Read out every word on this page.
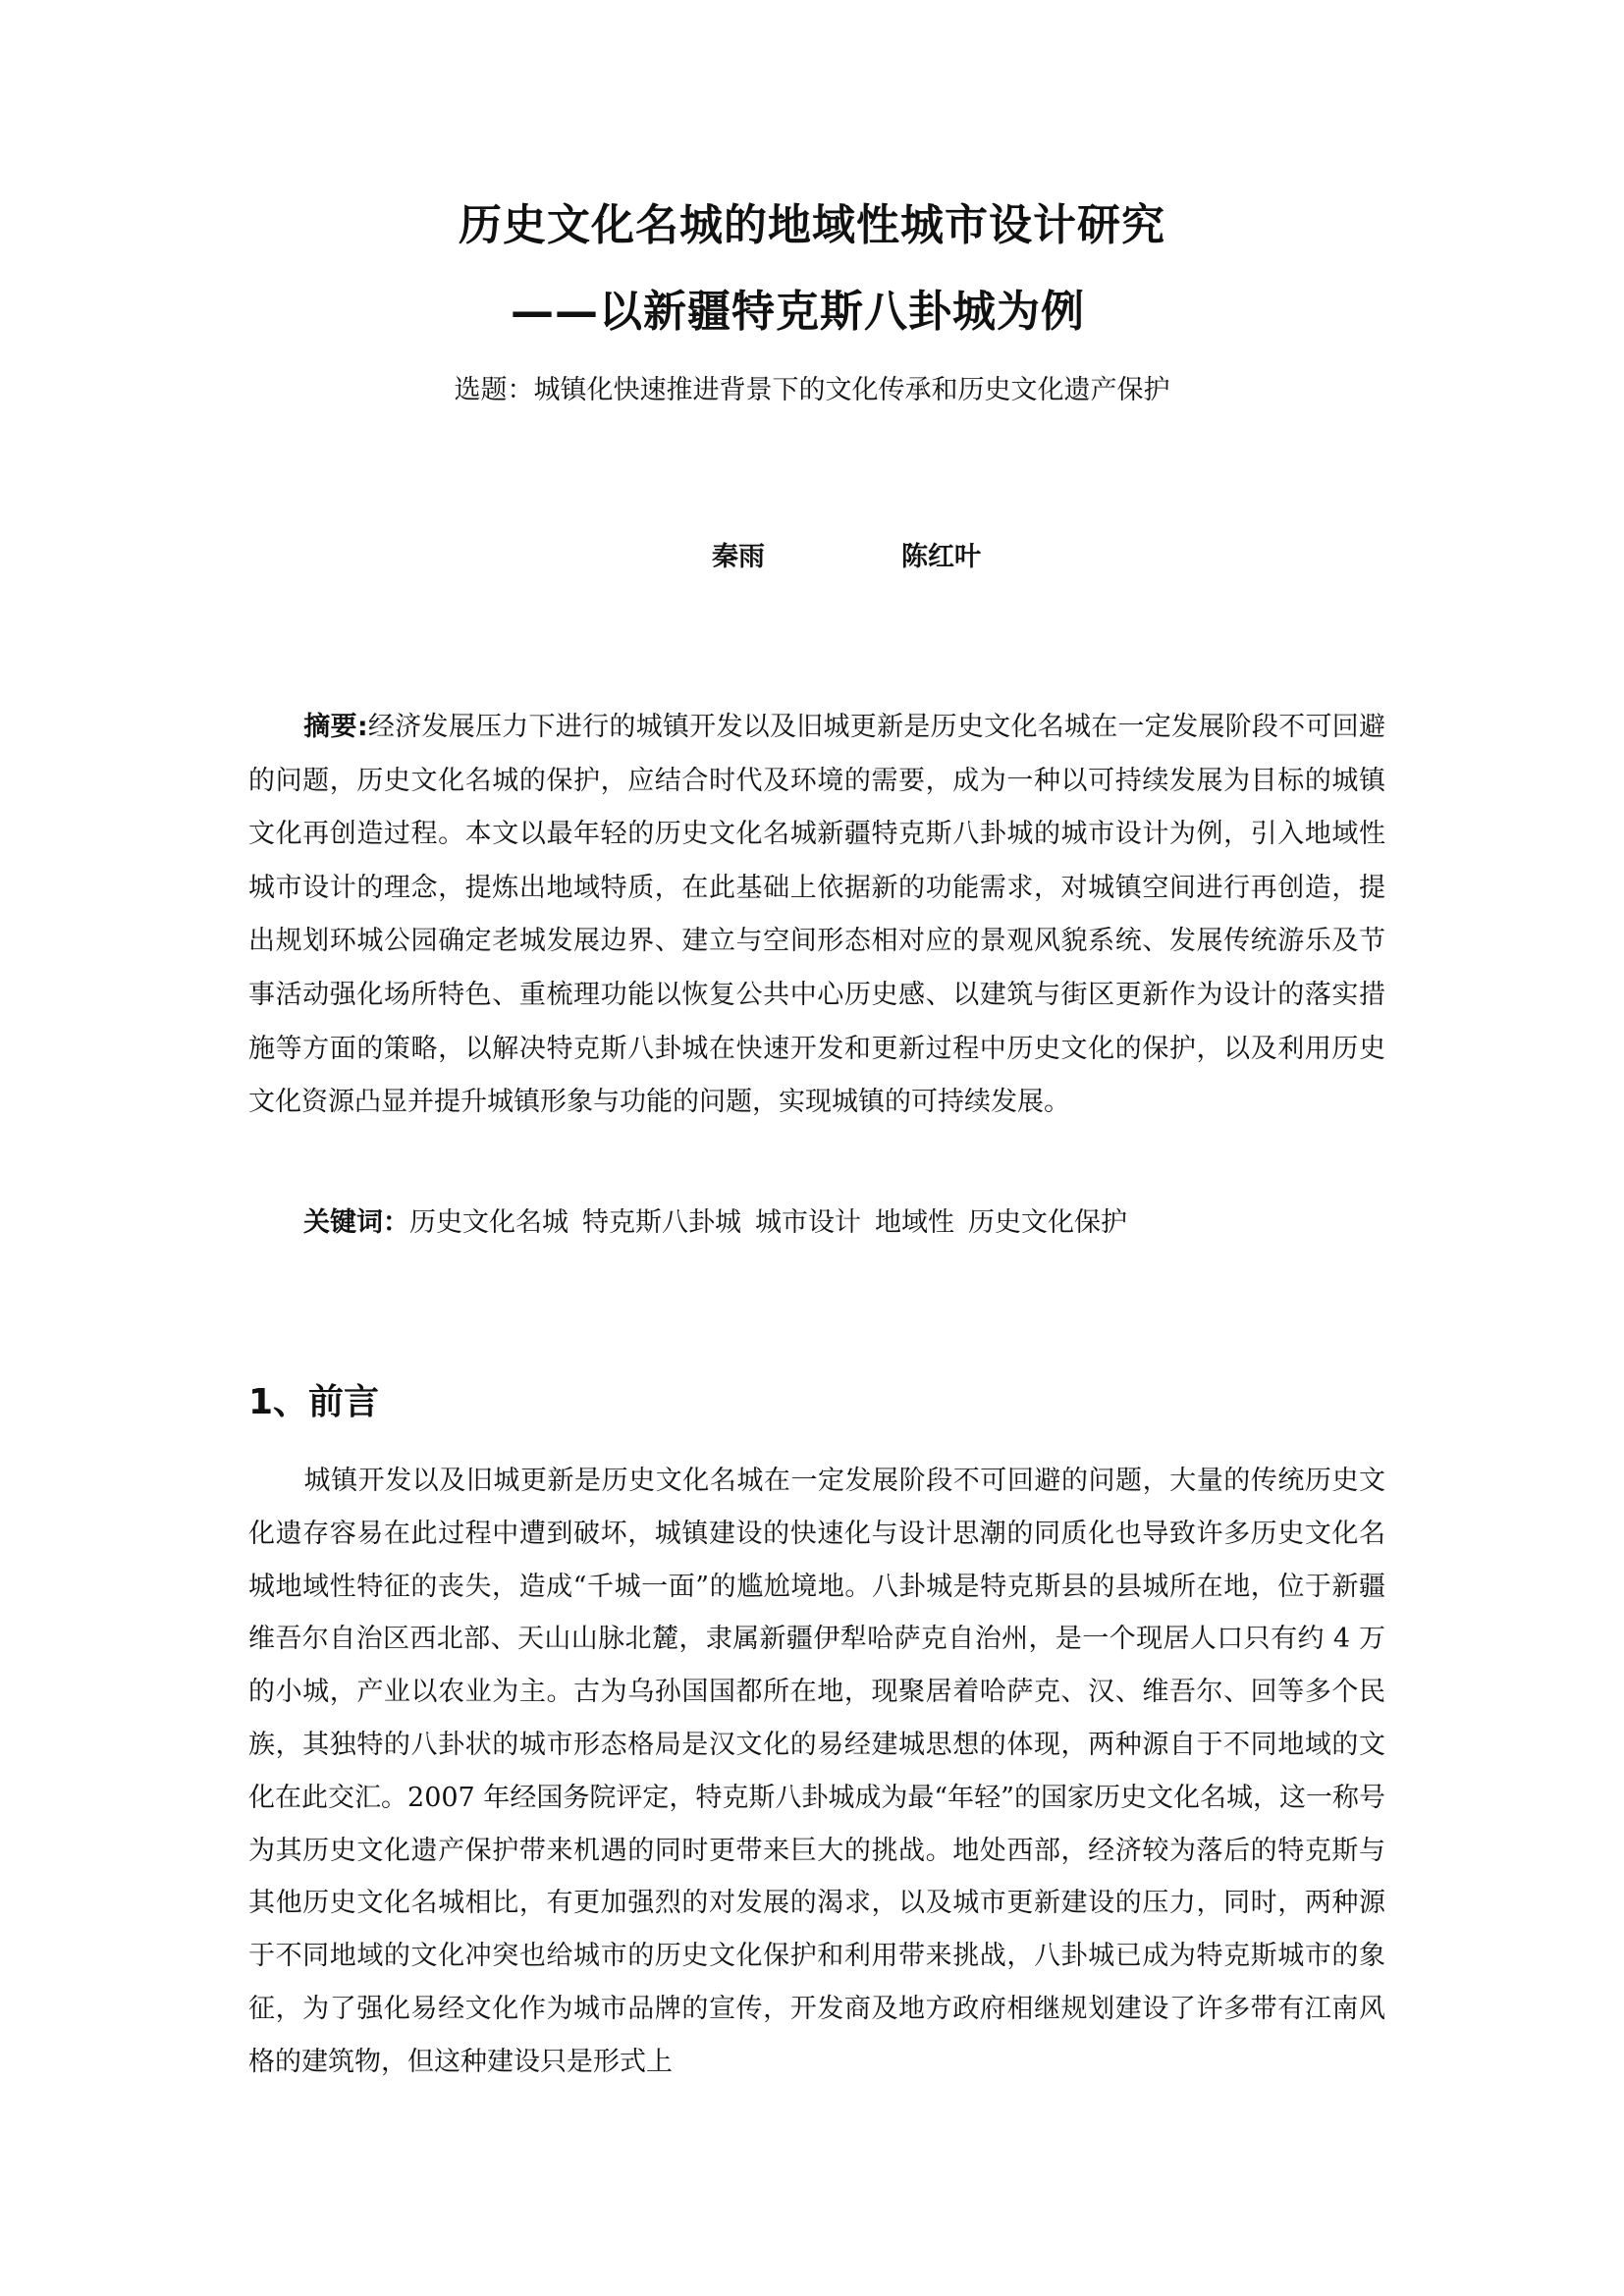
历史文化名城的地域性城市设计研究
——以新疆特克斯八卦城为例

选题：城镇化快速推进背景下的文化传承和历史文化遗产保护

秦雨	陈红叶

摘要:经济发展压力下进行的城镇开发以及旧城更新是历史文化名城在一定发展阶段不可回避的问题，历史文化名城的保护，应结合时代及环境的需要，成为一种以可持续发展为目标的城镇文化再创造过程。本文以最年轻的历史文化名城新疆特克斯八卦城的城市设计为例，引入地域性城市设计的理念，提炼出地域特质，在此基础上依据新的功能需求，对城镇空间进行再创造，提出规划环城公园确定老城发展边界、建立与空间形态相对应的景观风貌系统、发展传统游乐及节事活动强化场所特色、重梳理功能以恢复公共中心历史感、以建筑与街区更新作为设计的落实措施等方面的策略，以解决特克斯八卦城在快速开发和更新过程中历史文化的保护，以及利用历史文化资源凸显并提升城镇形象与功能的问题，实现城镇的可持续发展。

关键词：历史文化名城 特克斯八卦城 城市设计 地域性 历史文化保护

1、前言

城镇开发以及旧城更新是历史文化名城在一定发展阶段不可回避的问题，大量的传统历史文化遗存容易在此过程中遭到破坏，城镇建设的快速化与设计思潮的同质化也导致许多历史文化名城地域性特征的丧失，造成“千城一面”的尴尬境地。八卦城是特克斯县的县城所在地，位于新疆维吾尔自治区西北部、天山山脉北麓，隶属新疆伊犁哈萨克自治州，是一个现居人口只有约 4 万的小城，产业以农业为主。古为乌孙国国都所在地，现聚居着哈萨克、汉、维吾尔、回等多个民族，其独特的八卦状的城市形态格局是汉文化的易经建城思想的体现，两种源自于不同地域的文化在此交汇。2007 年经国务院评定，特克斯八卦城成为最“年轻”的国家历史文化名城，这一称号为其历史文化遗产保护带来机遇的同时更带来巨大的挑战。地处西部，经济较为落后的特克斯与其他历史文化名城相比，有更加强烈的对发展的渴求，以及城市更新建设的压力，同时，两种源于不同地域的文化冲突也给城市的历史文化保护和利用带来挑战，八卦城已成为特克斯城市的象征，为了强化易经文化作为城市品牌的宣传，开发商及地方政府相继规划建设了许多带有江南风格的建筑物，但这种建设只是形式上
